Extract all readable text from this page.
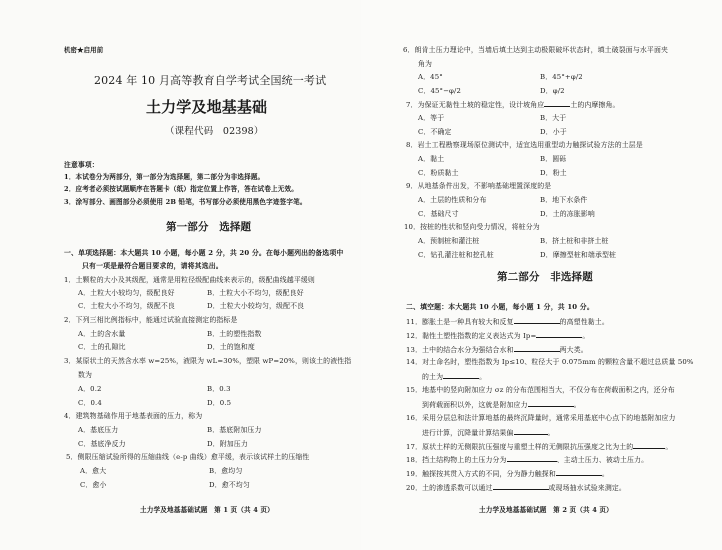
机密★启用前
2024 年 10 月高等教育自学考试全国统一考试
土力学及地基基础
（课程代码　02398）
注意事项：
1．本试卷分为两部分，第一部分为选择题，第二部分为非选择题。
2．应考者必须按试题顺序在答题卡（纸）指定位置上作答，答在试卷上无效。
3．涂写部分、画图部分必须使用 2B 铅笔，书写部分必须使用黑色字迹签字笔。
第一部分　选择题
一、单项选择题：本大题共 10 小题，每小题 2 分，共 20 分。在每小题列出的备选项中
只有一项是最符合题目要求的，请将其选出。
1．土颗粒的大小及其级配，通常是用粒径级配曲线来表示的，级配曲线越平缓则
A．土粒大小较均匀，级配良好	B．土粒大小不均匀，级配良好
C．土粒大小不均匀，级配不良	D．土粒大小较均匀，级配不良
2．下列三相比例指标中，能通过试验直接测定的指标是
A．土的含水量	B．土的塑性指数
C．土的孔隙比	D．土的饱和度
3．某原状土的天然含水率 w=25%，液限为 wL=30%，塑限 wP=20%，则该土的液性指
数为
A．0.2	B．0.3
C．0.4	D．0.5
4．建筑物基础作用于地基表面的压力，称为
A．基底压力	B．基底附加压力
C．基底净反力	D．附加压力
5．侧限压缩试验所得的压缩曲线（e-p 曲线）愈平缓，表示该试样土的压缩性
A．愈大	B．愈均匀
C．愈小	D．愈不均匀
土力学及地基基础试题　第 1 页（共 4 页）
6．朗肯土压力理论中，当墙后填土达到主动极限破坏状态时，填土破裂面与水平面夹
角为
A．45°	B．45°+φ/2
C．45°−φ/2	D．φ/2
7．为保证无黏性土坡的稳定性，设计坡角应	土的内摩擦角。
A．等于	B．大于
C．不确定	D．小于
8．岩土工程勘察现场原位测试中，适宜选用重型动力触探试验方法的土层是
A．黏土	B．圆砾
C．粉质黏土	D．粉土
9．从地基条件出发，不影响基础埋置深度的是
A．土层的性质和分布	B．地下水条件
C．基础尺寸	D．土的冻胀影响
10．按桩的性状和竖向受力情况，将桩分为
A．预制桩和灌注桩	B．挤土桩和非挤土桩
C．钻孔灌注桩和挖孔桩	D．摩擦型桩和端承型桩
第二部分　非选择题
二、填空题：本大题共 10 小题，每小题 1 分，共 10 分。
11．膨胀土是一种具有较大和反复	的高塑性黏土。
12．黏性土塑性指数的定义表达式为 Ip=	。
13．土中的结合水分为强结合水和	两大类。
14．对土命名时，塑性指数为 Ip≤10、粒径大于 0.075mm 的颗粒含量不超过总质量 50%
的土为	。
15．地基中的竖向附加应力 σz 的分布范围相当大，不仅分布在荷载面积之内，还分布
到荷载面积以外，这就是附加应力	。
16．采用分层总和法计算地基的最终沉降量时，通常采用基底中心点下的地基附加应力
进行计算，沉降量计算结果偏	。
17．原状土样的无侧限抗压强度与重塑土样的无侧限抗压强度之比为土的	。
18．挡土结构物上的土压力分为	、主动土压力、被动土压力。
19．触探按其贯入方式的不同，分为静力触探和	。
20．土的渗透系数可以通过	或现场抽水试验来测定。
土力学及地基基础试题　第 2 页（共 4 页）
